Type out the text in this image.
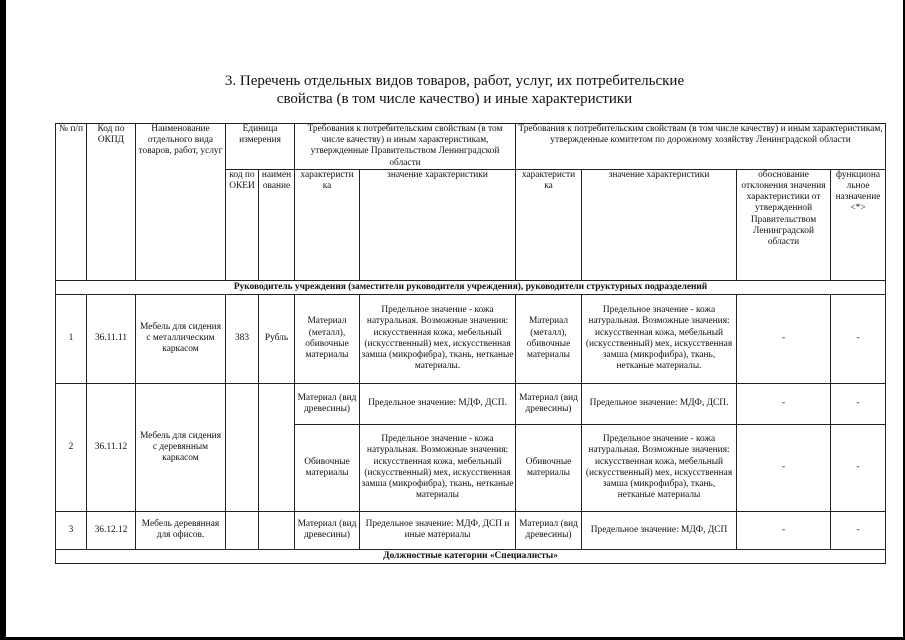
3. Перечень отдельных видов товаров, работ, услуг, их потребительские
свойства (в том числе качество) и иные характеристики
№ п/п	Код по ОКПД	Наименование отдельного вида товаров, работ, услуг	Единица измерения		Требования к потребительским свойствам (в том числе качеству) и иным характеристикам, утвержденные Правительством Ленинградской области		Требования к потребительским свойствам (в том числе качеству) и иным характеристикам, утвержденные комитетом по дорожному хозяйству Ленинградской области			
			код по ОКЕИ	наимен ование	характеристи ка	значение характеристики	характеристи ка	значение характеристики	обоснование отклонения значения характеристики от утвержденной Правительством Ленинградской области	функциона льное назначение <*>
Руководитель учреждения (заместители руководителя учреждения), руководители структурных подразделений										
1	36.11.11	Мебель для сидения с металлическим каркасом	383	Рубль	Материал (металл), обивочные материалы	Предельное значение - кожа натуральная. Возможные значения: искусственная кожа, мебельный (искусственный) мех, искусственная замша (микрофибра), ткань, нетканые материалы.	Материал (металл), обивочные материалы	Предельное значение - кожа натуральная. Возможные значения: искусственная кожа, мебельный (искусственный) мех, искусственная замша (микрофибра), ткань, нетканые материалы.	-	-
2	36.11.12	Мебель для сидения с деревянным каркасом			Материал (вид древесины)	Предельное значение: МДФ, ДСП.	Материал (вид древесины)	Предельное значение: МДФ, ДСП.	-	-
					Обивочные материалы	Предельное значение - кожа натуральная. Возможные значения: искусственная кожа, мебельный (искусственный) мех, искусственная замша (микрофибра), ткань, нетканые материалы	Обивочные материалы	Предельное значение - кожа натуральная. Возможные значения: искусственная кожа, мебельный (искусственный) мех, искусственная замша (микрофибра), ткань, нетканые материалы	-	-
3	36.12.12	Мебель деревянная для офисов.			Материал (вид древесины)	Предельное значение: МДФ, ДСП и иные материалы	Материал (вид древесины)	Предельное значение: МДФ, ДСП	-	-
Должностные категории «Специалисты»										
